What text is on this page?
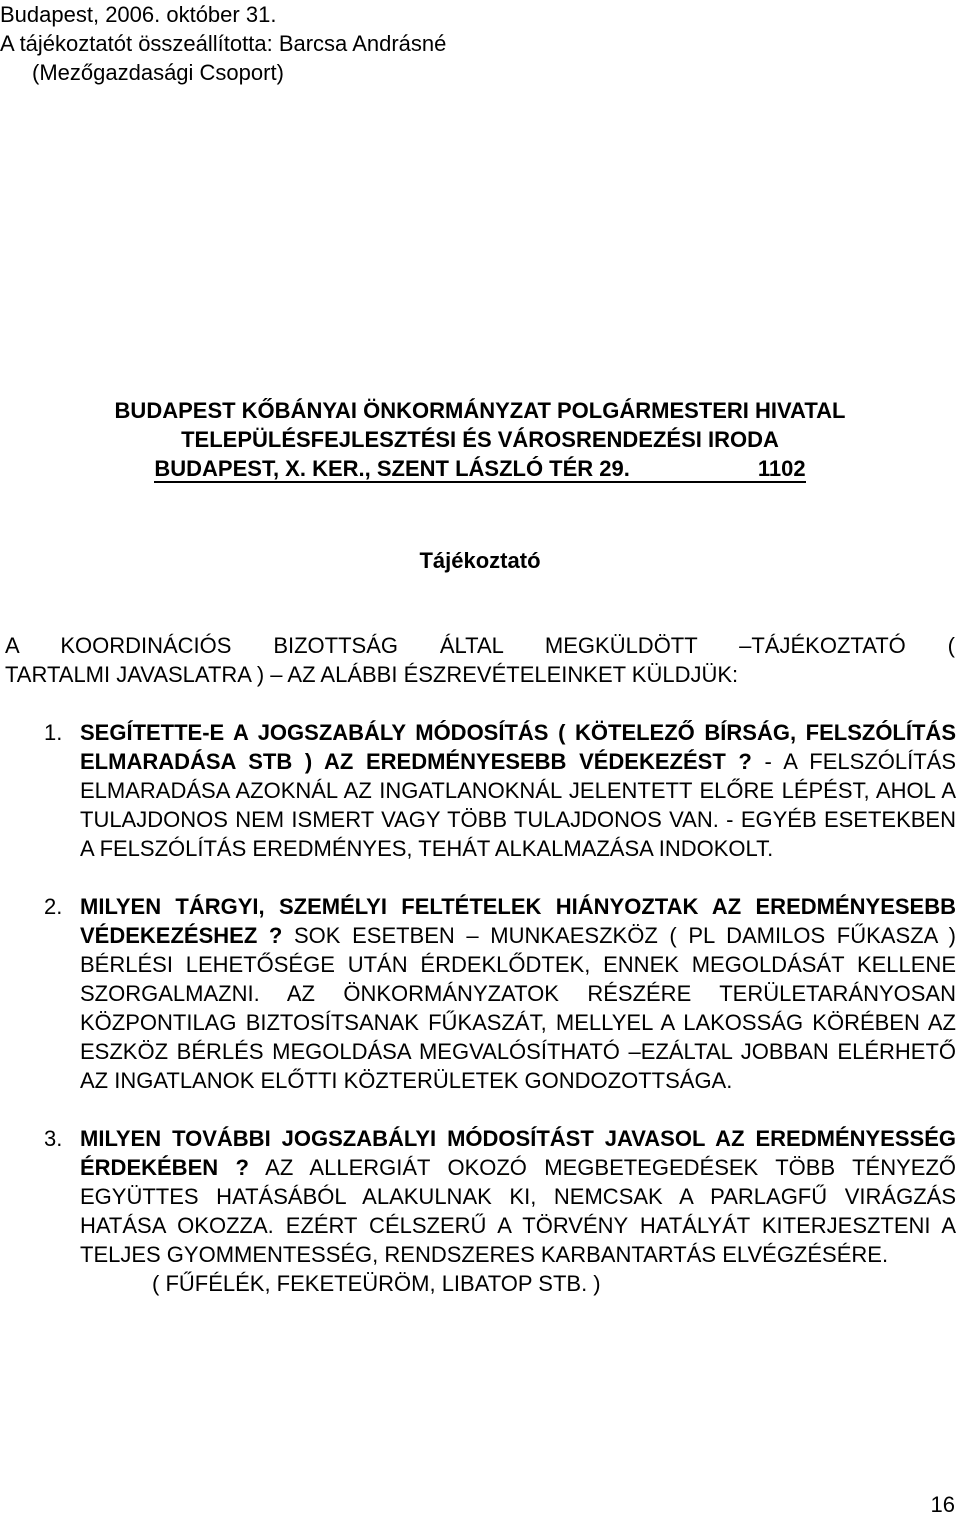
Budapest, 2006. október 31.
A tájékoztatót összeállította: Barcsa Andrásné
(Mezőgazdasági Csoport)
BUDAPEST KŐBÁNYAI ÖNKORMÁNYZAT POLGÁRMESTERI HIVATAL
TELEPÜLÉSFEJLESZTÉSI ÉS VÁROSRENDEZÉSI IRODA
BUDAPEST, X. KER., SZENT LÁSZLÓ TÉR 29.	1102
Tájékoztató
A KOORDINÁCIÓS BIZOTTSÁG ÁLTAL MEGKÜLDÖTT –TÁJÉKOZTATÓ (
TARTALMI JAVASLATRA ) – AZ ALÁBBI ÉSZREVÉTELEINKET KÜLDJÜK:
1. SEGÍTETTE-E A JOGSZABÁLY MÓDOSÍTÁS ( KÖTELEZŐ BÍRSÁG, FELSZÓLÍTÁS ELMARADÁSA STB ) AZ EREDMÉNYESEBB VÉDEKEZÉST ? - A FELSZÓLÍTÁS ELMARADÁSA AZOKNÁL AZ INGATLANOKNÁL JELENTETT ELŐRE LÉPÉST, AHOL A TULAJDONOS NEM ISMERT VAGY TÖBB TULAJDONOS VAN. - EGYÉB ESETEKBEN A FELSZÓLÍTÁS EREDMÉNYES, TEHÁT ALKALMAZÁSA INDOKOLT.
2. MILYEN TÁRGYI, SZEMÉLYI FELTÉTELEK HIÁNYOZTAK AZ EREDMÉNYESEBB VÉDEKEZÉSHEZ ? SOK ESETBEN – MUNKAESZKÖZ ( PL DAMILOS FŰKASZA ) BÉRLÉSI LEHETŐSÉGE UTÁN ÉRDEKLŐDTEK, ENNEK MEGOLDÁSÁT KELLENE SZORGALMAZNI. AZ ÖNKORMÁNYZATOK RÉSZÉRE TERÜLETARÁNYOSAN KÖZPONTILAG BIZTOSÍTSANAK FŰKASZÁT, MELLYEL A LAKOSSÁG KÖRÉBEN AZ ESZKÖZ BÉRLÉS MEGOLDÁSA MEGVALÓSÍTHATÓ –EZÁLTAL JOBBAN ELÉRHETŐ AZ INGATLANOK ELŐTTI KÖZTERÜLETEK GONDOZOTTSÁGA.
3. MILYEN TOVÁBBI JOGSZABÁLYI MÓDOSÍTÁST JAVASOL AZ EREDMÉNYESSÉG ÉRDEKÉBEN ? AZ ALLERGIÁT OKOZÓ MEGBETEGEDÉSEK TÖBB TÉNYEZŐ EGYÜTTES HATÁSÁBÓL ALAKULNAK KI, NEMCSAK A PARLAGFŰ VIRÁGZÁS HATÁSA OKOZZA. EZÉRT CÉLSZERŰ A TÖRVÉNY HATÁLYÁT KITERJESZTENI A TELJES GYOMMENTESSÉG, RENDSZERES KARBANTARTÁS ELVÉGZÉSÉRE.
( FŰFÉLÉK, FEKETEÜRÖM, LIBATOP STB. )
16
